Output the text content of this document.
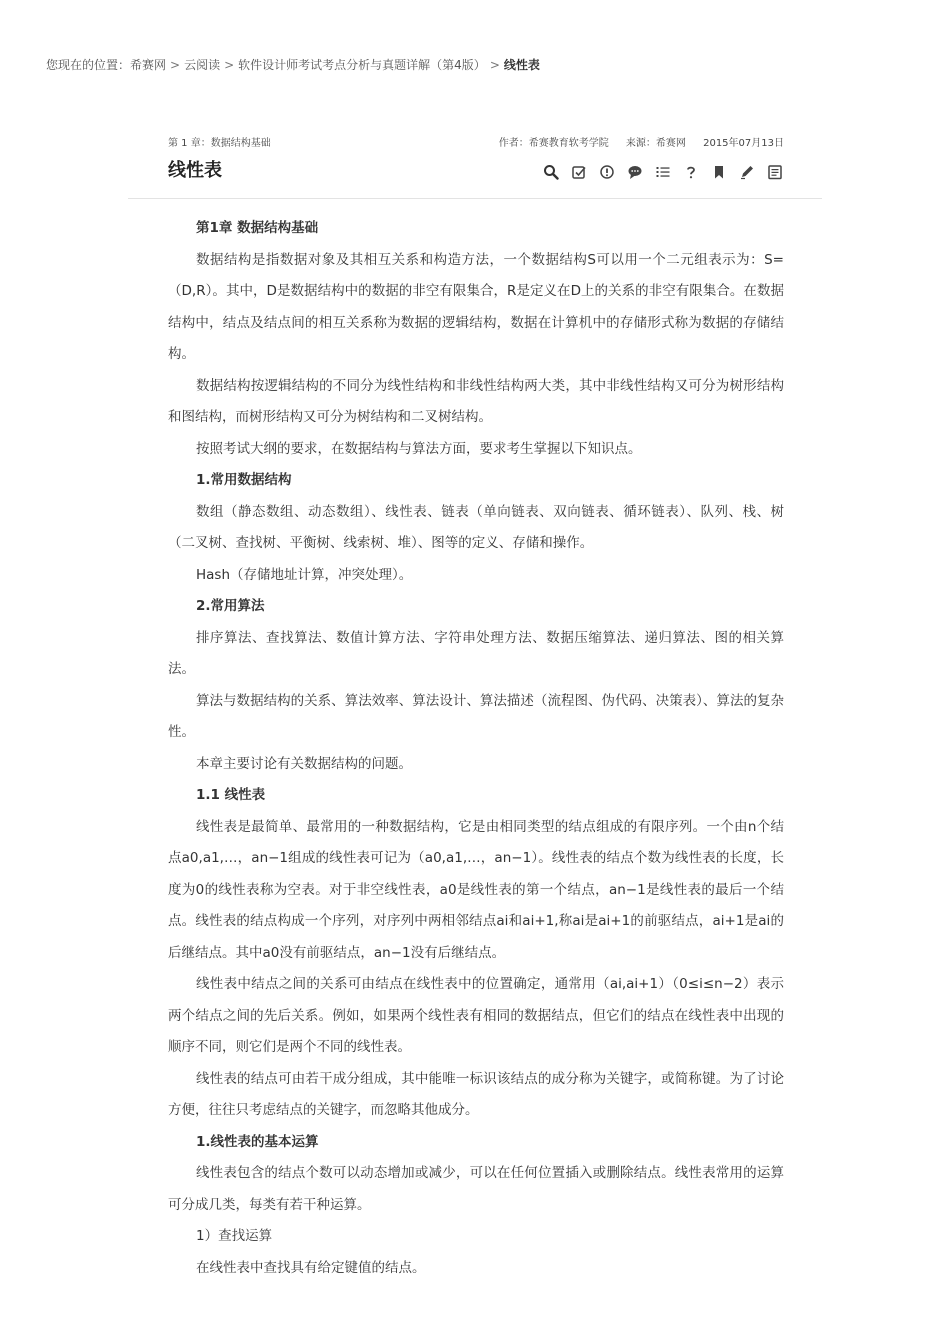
您现在的位置：希赛网 > 云阅读 > 软件设计师考试考点分析与真题详解（第4版） > 线性表
第 1 章：数据结构基础	作者：希赛教育软考学院 来源：希赛网 2015年07月13日
线性表

第1章 数据结构基础

数据结构是指数据对象及其相互关系和构造方法，一个数据结构S可以用一个二元组表示为：S=（D,R）。其中，D是数据结构中的数据的非空有限集合，R是定义在D上的关系的非空有限集合。在数据结构中，结点及结点间的相互关系称为数据的逻辑结构，数据在计算机中的存储形式称为数据的存储结构。

数据结构按逻辑结构的不同分为线性结构和非线性结构两大类，其中非线性结构又可分为树形结构和图结构，而树形结构又可分为树结构和二叉树结构。

按照考试大纲的要求，在数据结构与算法方面，要求考生掌握以下知识点。

1.常用数据结构

数组（静态数组、动态数组）、线性表、链表（单向链表、双向链表、循环链表）、队列、栈、树（二叉树、查找树、平衡树、线索树、堆）、图等的定义、存储和操作。

Hash（存储地址计算，冲突处理）。

2.常用算法

排序算法、查找算法、数值计算方法、字符串处理方法、数据压缩算法、递归算法、图的相关算法。

算法与数据结构的关系、算法效率、算法设计、算法描述（流程图、伪代码、决策表）、算法的复杂性。

本章主要讨论有关数据结构的问题。

1.1 线性表

线性表是最简单、最常用的一种数据结构，它是由相同类型的结点组成的有限序列。一个由n个结点a0,a1,…，an−1组成的线性表可记为（a0,a1,…，an−1）。线性表的结点个数为线性表的长度，长度为0的线性表称为空表。对于非空线性表，a0是线性表的第一个结点，an−1是线性表的最后一个结点。线性表的结点构成一个序列，对序列中两相邻结点ai和ai+1,称ai是ai+1的前驱结点，ai+1是ai的后继结点。其中a0没有前驱结点，an−1没有后继结点。

线性表中结点之间的关系可由结点在线性表中的位置确定，通常用（ai,ai+1）（0≤i≤n−2）表示两个结点之间的先后关系。例如，如果两个线性表有相同的数据结点，但它们的结点在线性表中出现的顺序不同，则它们是两个不同的线性表。

线性表的结点可由若干成分组成，其中能唯一标识该结点的成分称为关键字，或简称键。为了讨论方便，往往只考虑结点的关键字，而忽略其他成分。

1.线性表的基本运算

线性表包含的结点个数可以动态增加或减少，可以在任何位置插入或删除结点。线性表常用的运算可分成几类，每类有若干种运算。

1）查找运算

在线性表中查找具有给定键值的结点。
